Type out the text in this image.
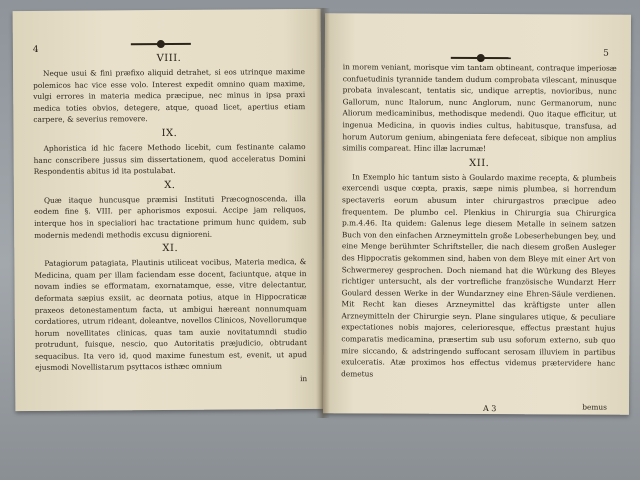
4
VIII.

Neque usui & fini præfixo aliquid detrahet, si eos utrinque maxime polemicos hac vice esse volo. Interest expedit omnino quam maxime, vulgi errores in materia medica præcipue, nec minus in ipsa praxi medica toties obvios, detegere, atque, quoad licet, apertius etiam carpere, & severius removere.

IX.

Aphoristica id hic facere Methodo licebit, cum festinante calamo hanc conscribere jussus sim dissertationem, quod acceleratus Domini Respondentis abitus id ita postulabat.

X.

Quæ itaque huncusque præmisi Instituti Præcognoscenda, illa eodem fine §. VIII. per aphorismos exposui. Accipe jam reliquos, interque hos in specialiori hac tractatione primum hunc quidem, sub modernis medendi methodis excusu dignioreni.

XI.

Patagiorum patagiata, Plautinis utiliceat vocibus, Materia medica, & Medicina, quam per illam faciendam esse docent, faciuntque, atque in novam indies se efformatam, exornatamque, esse, vitre delectantur, deformata sæpius exsiit, ac deornata potius, atque in Hippocraticæ praxeos detonestamentum facta, ut ambigui hæreant nonnumquam cordatiores, utrum rideant, doleantve, novellos Clinicos, Novellorumque horum novellitates clinicas, quas tam auxie novitatumndi studio protrudunt, fuisque, nescio, quo Autoritatis præjudicio, obtrudant sequacibus. Ita vero id, quod maxime funestum est, evenit, ut apud ejusmodi Novellistarum psyttacos isthæc omnium

in
5

in morem veniant, morisque vim tantam obtineant, contraque imperiosæ confuetudinis tyrannide tandem dudum comprobata vilescant, minusque probata invalescant, tentatis sic, undique arreptis, novioribus, nunc Gallorum, nunc Italorum, nunc Anglorum, nunc Germanorum, nunc Aliorum medicaminibus, methodisque medendi. Quo itaque efficitur, ut ingenua Medicina, in quovis indies cultus, habitusque, transfusa, ad horum Autorum genium, abingeniata fere defeceat, sibique non amplius similis compareat. Hinc illæ lacrumæ!

XII.

In Exemplo hic tantum sisto à Goulardo maxime recepta, & plumbeis exercendi usque cœpta, praxis, sæpe nimis plumbea, si horrendum spectaveris eorum abusum inter chirurgastros præcipue adeo frequentem. De plumbo cel. Plenkius in Chirurgia sua Chirurgica p.m.4.46. Ita quidem: Galenus lege diesem Metalle in seinem satzen Buch von den einfachen Arzneymitteln große Lobeserhebungen bey, und eine Menge berühmter Schriftsteller, die nach diesem großen Ausleger des Hippocratis gekommen sind, haben von dem Bleye mit einer Art von Schwermerey gesprochen. Doch niemand hat die Würkung des Bleyes richtiger untersucht, als der vortrefliche französische Wundarzt Herr Goulard dessen Werke in der Wundarzney eine Ehren-Säule verdienen. Mit Recht kan dieses Arzneymittel das kräftigste unter allen Arzneymitteln der Chirurgie seyn. Plane singulares utique, & peculiare expectationes nobis majores, celerioresque, effectus præstant hujus comparatis medicamina, præsertim sub usu soforum externo, sub quo mire siccando, & adstringendo suffocant serosam illuviem in partibus exulceratis. Atæ proximos hos effectus videmus prætervidere hanc demetus

A 3	bemus
